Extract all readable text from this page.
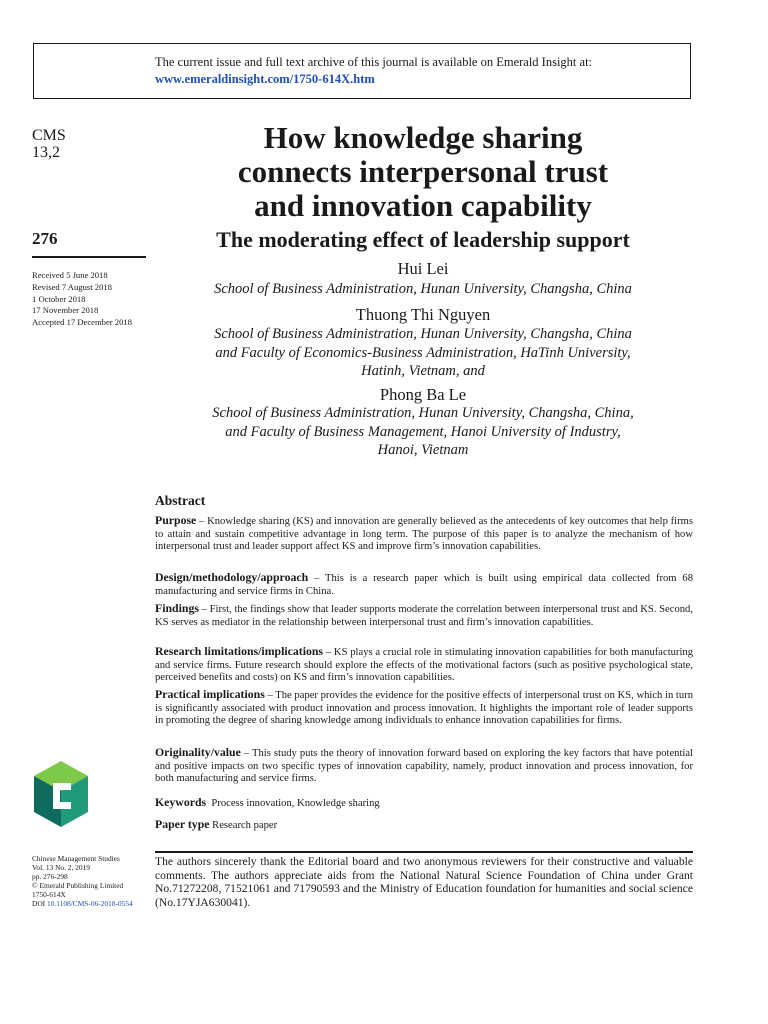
The current issue and full text archive of this journal is available on Emerald Insight at:
www.emeraldinsight.com/1750-614X.htm
CMS
13,2
276
Received 5 June 2018
Revised 7 August 2018
1 October 2018
17 November 2018
Accepted 17 December 2018
How knowledge sharing
connects interpersonal trust
and innovation capability
The moderating effect of leadership support
Hui Lei
School of Business Administration, Hunan University, Changsha, China
Thuong Thi Nguyen
School of Business Administration, Hunan University, Changsha, China
and Faculty of Economics-Business Administration, HaTinh University,
Hatinh, Vietnam, and
Phong Ba Le
School of Business Administration, Hunan University, Changsha, China,
and Faculty of Business Management, Hanoi University of Industry,
Hanoi, Vietnam
Abstract
Purpose – Knowledge sharing (KS) and innovation are generally believed as the antecedents of key outcomes that help firms to attain and sustain competitive advantage in long term. The purpose of this paper is to analyze the mechanism of how interpersonal trust and leader support affect KS and improve firm’s innovation capabilities.
Design/methodology/approach – This is a research paper which is built using empirical data collected from 68 manufacturing and service firms in China.
Findings – First, the findings show that leader supports moderate the correlation between interpersonal trust and KS. Second, KS serves as mediator in the relationship between interpersonal trust and firm’s innovation capabilities.
Research limitations/implications – KS plays a crucial role in stimulating innovation capabilities for both manufacturing and service firms. Future research should explore the effects of the motivational factors (such as positive psychological state, perceived benefits and costs) on KS and firm’s innovation capabilities.
Practical implications – The paper provides the evidence for the positive effects of interpersonal trust on KS, which in turn is significantly associated with product innovation and process innovation. It highlights the important role of leader supports in promoting the degree of sharing knowledge among individuals to enhance innovation capabilities for firms.
Originality/value – This study puts the theory of innovation forward based on exploring the key factors that have potential and positive impacts on two specific types of innovation capability, namely, product innovation and process innovation, for both manufacturing and service firms.
Keywords Process innovation, Knowledge sharing
Paper type Research paper
The authors sincerely thank the Editorial board and two anonymous reviewers for their constructive and valuable comments. The authors appreciate aids from the National Natural Science Foundation of China under Grant No.71272208, 71521061 and 71790593 and the Ministry of Education foundation for humanities and social science (No.17YJA630041).
Chinese Management Studies
Vol. 13 No. 2, 2019
pp. 276-298
© Emerald Publishing Limited
1750-614X
DOI 10.1108/CMS-06-2018-0554
